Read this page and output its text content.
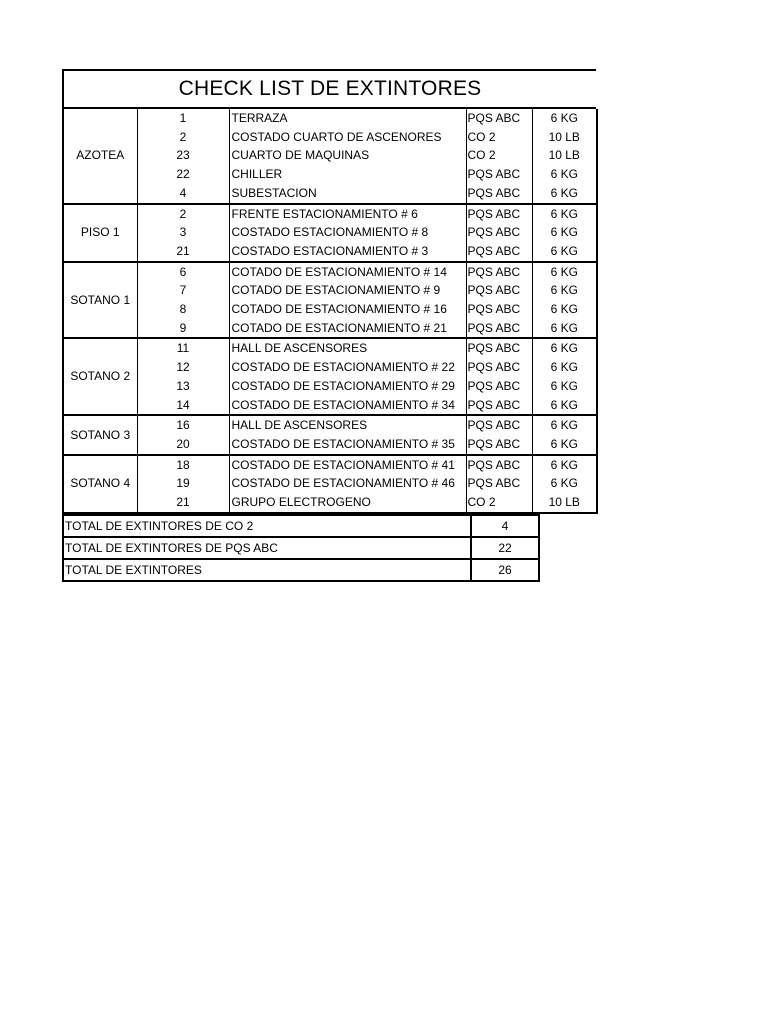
CHECK LIST DE EXTINTORES
AZOTEA	1	TERRAZA	PQS ABC	6 KG
	2	COSTADO CUARTO DE ASCENORES	CO 2	10 LB
	23	CUARTO DE MAQUINAS	CO 2	10 LB
	22	CHILLER	PQS ABC	6 KG
	4	SUBESTACION	PQS ABC	6 KG
PISO 1	2	FRENTE ESTACIONAMIENTO # 6	PQS ABC	6 KG
	3	COSTADO ESTACIONAMIENTO # 8	PQS ABC	6 KG
	21	COSTADO ESTACIONAMIENTO # 3	PQS ABC	6 KG
SOTANO 1	6	COTADO DE ESTACIONAMIENTO # 14	PQS ABC	6 KG
	7	COTADO DE ESTACIONAMIENTO # 9	PQS ABC	6 KG
	8	COTADO DE ESTACIONAMIENTO # 16	PQS ABC	6 KG
	9	COTADO DE ESTACIONAMIENTO # 21	PQS ABC	6 KG
SOTANO 2	11	HALL DE ASCENSORES	PQS ABC	6 KG
	12	COSTADO DE ESTACIONAMIENTO # 22	PQS ABC	6 KG
	13	COSTADO DE ESTACIONAMIENTO # 29	PQS ABC	6 KG
	14	COSTADO DE ESTACIONAMIENTO # 34	PQS ABC	6 KG
SOTANO 3	16	HALL DE ASCENSORES	PQS ABC	6 KG
	20	COSTADO DE ESTACIONAMIENTO # 35	PQS ABC	6 KG
SOTANO 4	18	COSTADO DE ESTACIONAMIENTO # 41	PQS ABC	6 KG
	19	COSTADO DE ESTACIONAMIENTO # 46	PQS ABC	6 KG
	21	GRUPO ELECTROGENO	CO 2	10 LB
TOTAL DE EXTINTORES DE CO 2	4
TOTAL DE EXTINTORES DE PQS ABC	22
TOTAL DE EXTINTORES	26
